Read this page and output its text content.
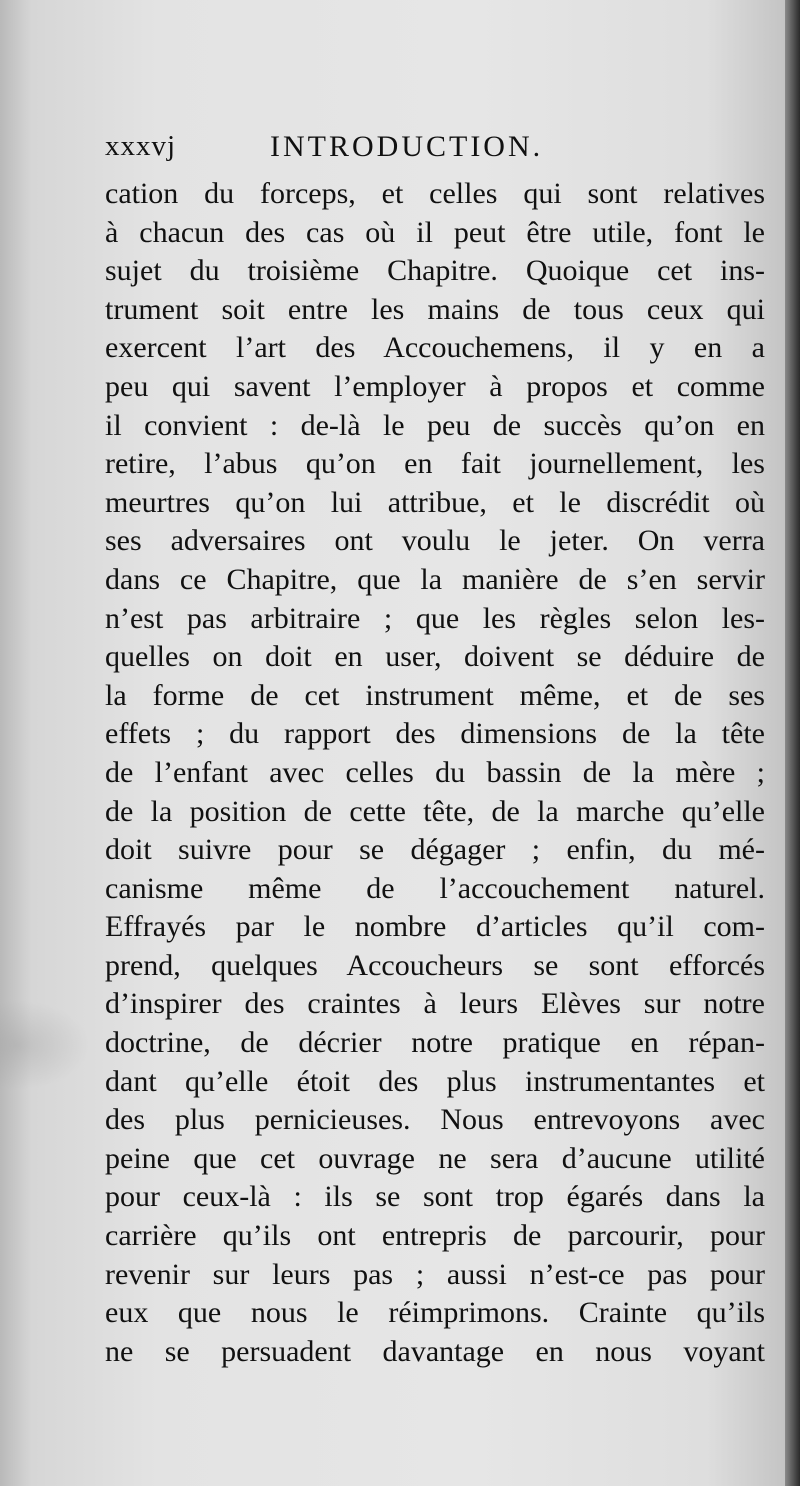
xxxvj	INTRODUCTION.
cation du forceps, et celles qui sont relatives
à chacun des cas où il peut être utile, font le
sujet du troisième Chapitre. Quoique cet ins-
trument soit entre les mains de tous ceux qui
exercent l’art des Accouchemens, il y en a
peu qui savent l’employer à propos et comme
il convient : de-là le peu de succès qu’on en
retire, l’abus qu’on en fait journellement, les
meurtres qu’on lui attribue, et le discrédit où
ses adversaires ont voulu le jeter. On verra
dans ce Chapitre, que la manière de s’en servir
n’est pas arbitraire ; que les règles selon les-
quelles on doit en user, doivent se déduire de
la forme de cet instrument même, et de ses
effets ; du rapport des dimensions de la tête
de l’enfant avec celles du bassin de la mère ;
de la position de cette tête, de la marche qu’elle
doit suivre pour se dégager ; enfin, du mé-
canisme même de l’accouchement naturel.
Effrayés par le nombre d’articles qu’il com-
prend, quelques Accoucheurs se sont efforcés
d’inspirer des craintes à leurs Elèves sur notre
doctrine, de décrier notre pratique en répan-
dant qu’elle étoit des plus instrumentantes et
des plus pernicieuses. Nous entrevoyons avec
peine que cet ouvrage ne sera d’aucune utilité
pour ceux-là : ils se sont trop égarés dans la
carrière qu’ils ont entrepris de parcourir, pour
revenir sur leurs pas ; aussi n’est-ce pas pour
eux que nous le réimprimons. Crainte qu’ils
ne se persuadent davantage en nous voyant
